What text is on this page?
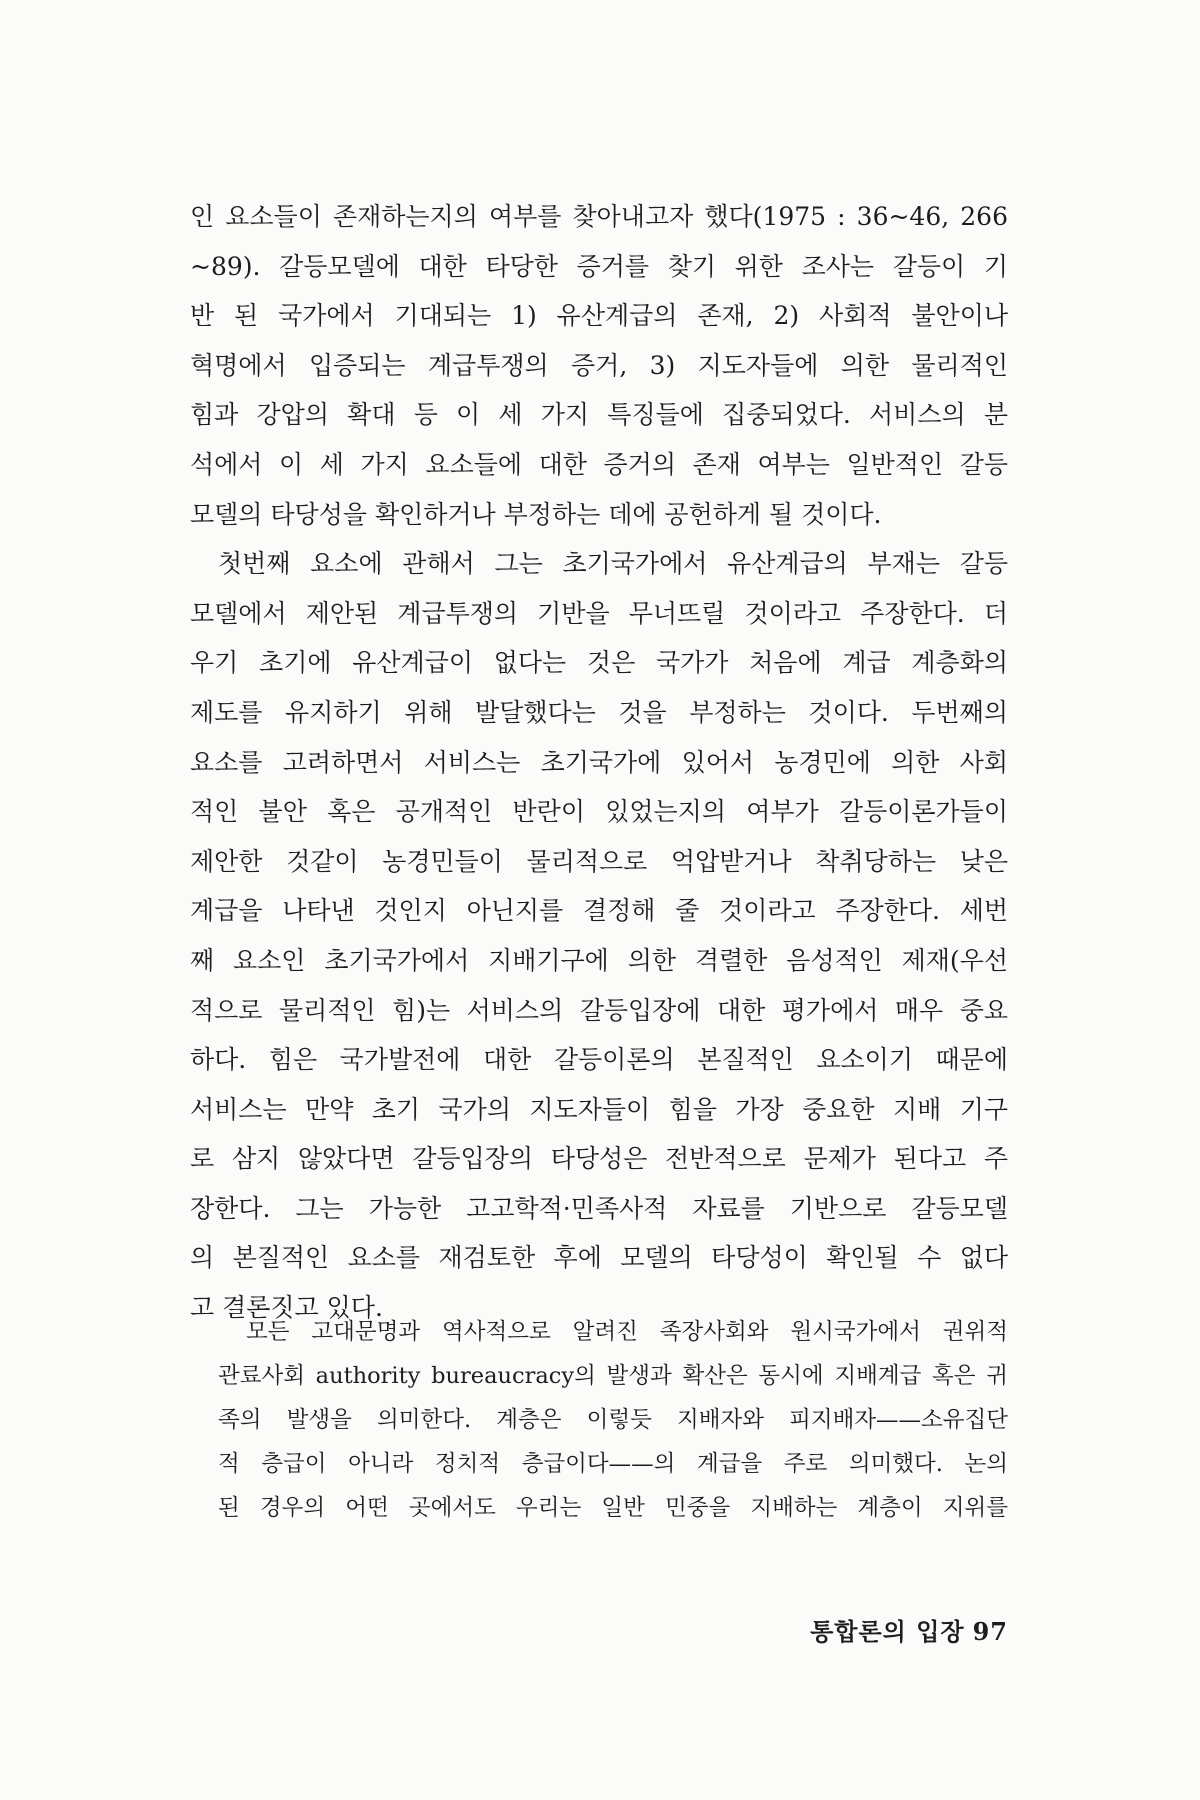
인 요소들이 존재하는지의 여부를 찾아내고자 했다(1975 : 36~46, 266
~89). 갈등모델에 대한 타당한 증거를 찾기 위한 조사는 갈등이 기
반 된 국가에서 기대되는 1) 유산계급의 존재, 2) 사회적 불안이나
혁명에서 입증되는 계급투쟁의 증거, 3) 지도자들에 의한 물리적인
힘과 강압의 확대 등 이 세 가지 특징들에 집중되었다. 서비스의 분
석에서 이 세 가지 요소들에 대한 증거의 존재 여부는 일반적인 갈등
모델의 타당성을 확인하거나 부정하는 데에 공헌하게 될 것이다.
첫번째 요소에 관해서 그는 초기국가에서 유산계급의 부재는 갈등
모델에서 제안된 계급투쟁의 기반을 무너뜨릴 것이라고 주장한다. 더
우기 초기에 유산계급이 없다는 것은 국가가 처음에 계급 계층화의
제도를 유지하기 위해 발달했다는 것을 부정하는 것이다. 두번째의
요소를 고려하면서 서비스는 초기국가에 있어서 농경민에 의한 사회
적인 불안 혹은 공개적인 반란이 있었는지의 여부가 갈등이론가들이
제안한 것같이 농경민들이 물리적으로 억압받거나 착취당하는 낮은
계급을 나타낸 것인지 아닌지를 결정해 줄 것이라고 주장한다. 세번
째 요소인 초기국가에서 지배기구에 의한 격렬한 음성적인 제재(우선
적으로 물리적인 힘)는 서비스의 갈등입장에 대한 평가에서 매우 중요
하다. 힘은 국가발전에 대한 갈등이론의 본질적인 요소이기 때문에
서비스는 만약 초기 국가의 지도자들이 힘을 가장 중요한 지배 기구
로 삼지 않았다면 갈등입장의 타당성은 전반적으로 문제가 된다고 주
장한다. 그는 가능한 고고학적·민족사적 자료를 기반으로 갈등모델
의 본질적인 요소를 재검토한 후에 모델의 타당성이 확인될 수 없다
고 결론짓고 있다.
모든 고대문명과 역사적으로 알려진 족장사회와 원시국가에서 권위적
관료사회 authority bureaucracy의 발생과 확산은 동시에 지배계급 혹은 귀
족의 발생을 의미한다. 계층은 이렇듯 지배자와 피지배자——소유집단
적 층급이 아니라 정치적 층급이다——의 계급을 주로 의미했다. 논의
된 경우의 어떤 곳에서도 우리는 일반 민중을 지배하는 계층이 지위를
통합론의 입장 97
